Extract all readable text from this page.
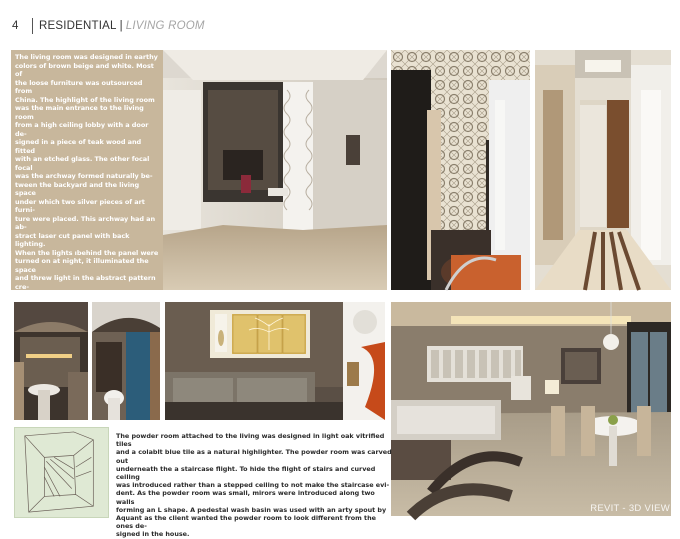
4	RESIDENTIAL | LIVING ROOM
The living room was designed in earthy
colors of brown beige and white. Most of
the loose furniture was outsourced from
China. The highlight of the living room
was the main entrance to the living room
from a high ceiling lobby with a door de-
signed in a piece of teak wood and fitted
with an etched glass. The other focal focal
was the archway formed naturally be-
tween the backyard and the living space
under which two silver pieces of art furni-
ture were placed. This archway had an ab-
stract laser cut panel with back lighting.
When the lights ıbehind the panel were
turned on at night, it illuminated the space
and threw light in the abstract pattern cre-
ating an interesting play of light and

The powder room attached to the living was designed in light oak vitrified tiles
and a colablt blue tile as a natural highlighter. The powder room was carved out
underneath the a staircase flight. To hide the flight of stairs and curved ceiling
was introduced rather than a stepped ceiling to not make the staircase evi-
dent. As the powder room was small, mirors were introduced along two walls
forming an L shape. A pedestal wash basin was used with an arty spout by
Aquant as the client wanted the powder room to look different from the ones de-
signed in the house.
REVIT - 3D VIEW
